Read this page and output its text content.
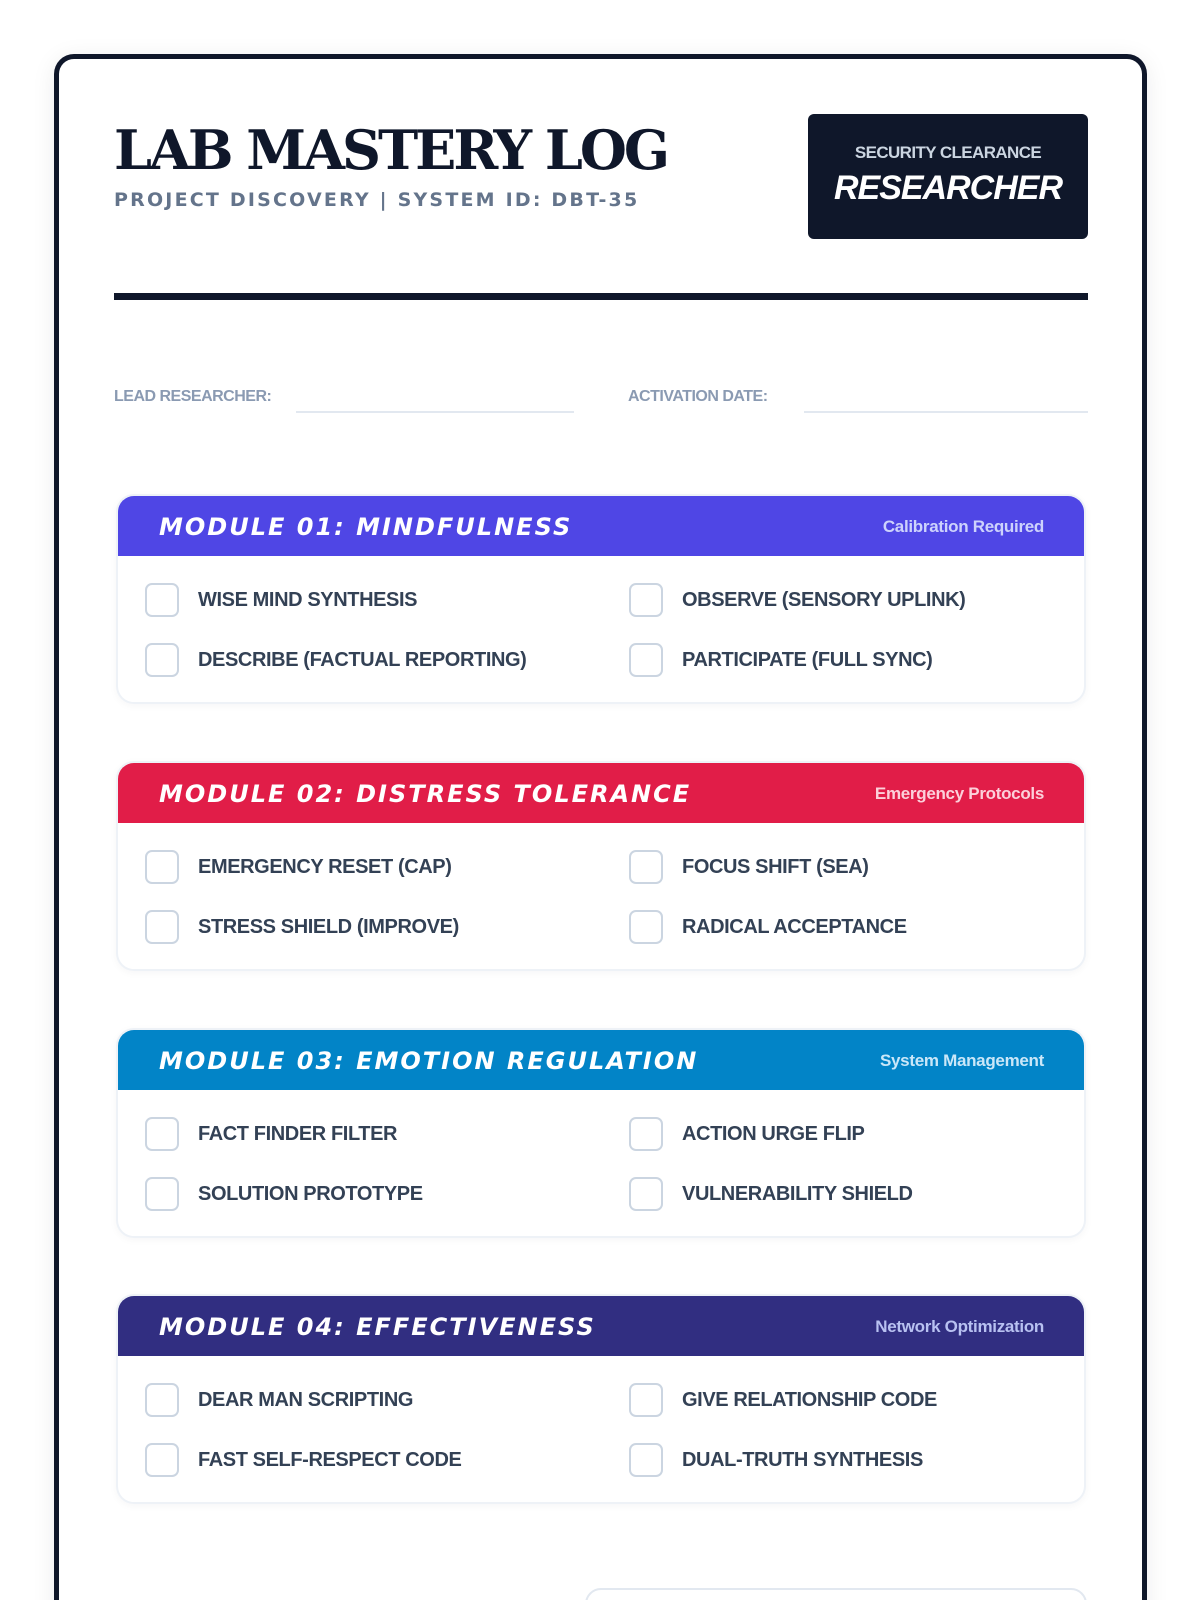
LAB MASTERY LOG
PROJECT DISCOVERY | SYSTEM ID: DBT-35
SECURITY CLEARANCE
RESEARCHER
LEAD RESEARCHER:	ACTIVATION DATE:
MODULE 01: MINDFULNESS	Calibration Required
WISE MIND SYNTHESIS	OBSERVE (SENSORY UPLINK)
DESCRIBE (FACTUAL REPORTING)	PARTICIPATE (FULL SYNC)
MODULE 02: DISTRESS TOLERANCE	Emergency Protocols
EMERGENCY RESET (CAP)	FOCUS SHIFT (SEA)
STRESS SHIELD (IMPROVE)	RADICAL ACCEPTANCE
MODULE 03: EMOTION REGULATION	System Management
FACT FINDER FILTER	ACTION URGE FLIP
SOLUTION PROTOTYPE	VULNERABILITY SHIELD
MODULE 04: EFFECTIVENESS	Network Optimization
DEAR MAN SCRIPTING	GIVE RELATIONSHIP CODE
FAST SELF-RESPECT CODE	DUAL-TRUTH SYNTHESIS
